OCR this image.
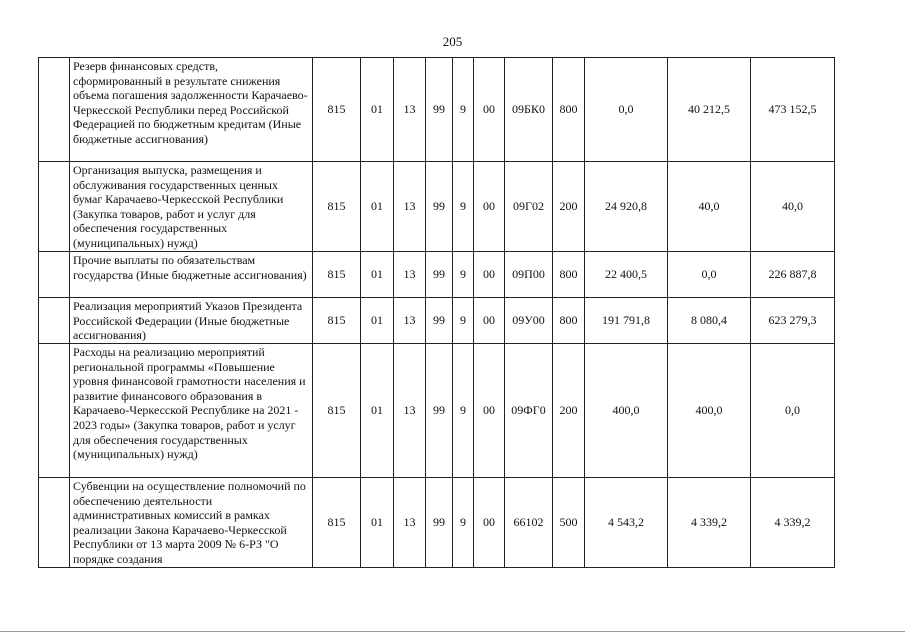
205
	Резерв финансовых средств, сформированный в результате снижения объема погашения задолженности Карачаево-Черкесской Республики перед Российской Федерацией по бюджетным кредитам (Иные бюджетные ассигнования)	815	01	13	99	9	00	09БК0	800	0,0	40 212,5	473 152,5
	Организация выпуска, размещения и обслуживания государственных ценных бумаг Карачаево-Черкесской Республики (Закупка товаров, работ и услуг для обеспечения государственных (муниципальных) нужд)	815	01	13	99	9	00	09Г02	200	24 920,8	40,0	40,0
	Прочие выплаты по обязательствам государства (Иные бюджетные ассигнования)	815	01	13	99	9	00	09П00	800	22 400,5	0,0	226 887,8
	Реализация мероприятий Указов Президента Российской Федерации (Иные бюджетные ассигнования)	815	01	13	99	9	00	09У00	800	191 791,8	8 080,4	623 279,3
	Расходы на реализацию мероприятий региональной программы «Повышение уровня финансовой грамотности населения и развитие финансового образования в Карачаево-Черкесской Республике на 2021 - 2023 годы» (Закупка товаров, работ и услуг для обеспечения государственных (муниципальных) нужд)	815	01	13	99	9	00	09ФГ0	200	400,0	400,0	0,0
	Субвенции на осуществление полномочий по обеспечению деятельности административных комиссий в рамках реализации Закона Карачаево-Черкесской Республики от 13 марта 2009 № 6-РЗ "О порядке создания	815	01	13	99	9	00	66102	500	4 543,2	4 339,2	4 339,2
